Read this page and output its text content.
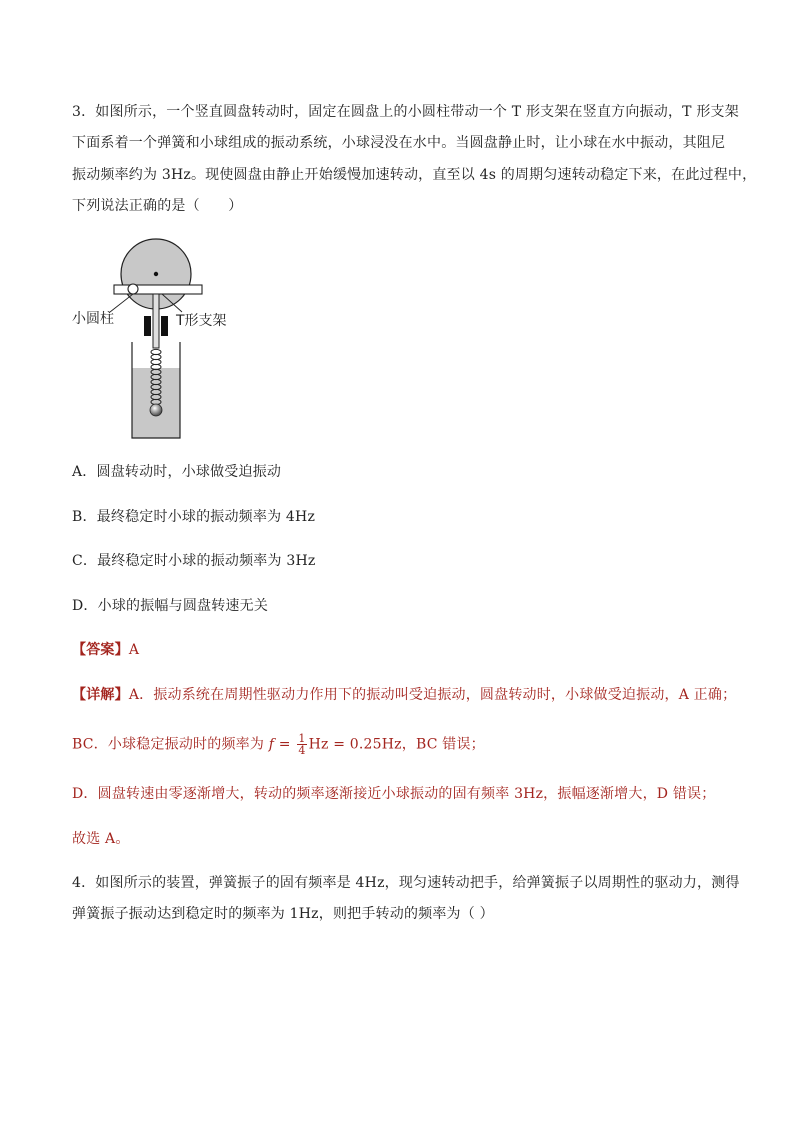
3．如图所示，一个竖直圆盘转动时，固定在圆盘上的小圆柱带动一个 T 形支架在竖直方向振动，T 形支架
下面系着一个弹簧和小球组成的振动系统，小球浸没在水中。当圆盘静止时，让小球在水中振动，其阻尼
振动频率约为 3Hz。现使圆盘由静止开始缓慢加速转动，直至以 4s 的周期匀速转动稳定下来，在此过程中，
下列说法正确的是（　　）
小圆柱	T形支架
A．圆盘转动时，小球做受迫振动
B．最终稳定时小球的振动频率为 4Hz
C．最终稳定时小球的振动频率为 3Hz
D．小球的振幅与圆盘转速无关
【答案】A
【详解】A．振动系统在周期性驱动力作用下的振动叫受迫振动，圆盘转动时，小球做受迫振动，A 正确；
BC．小球稳定振动时的频率为 $f = \frac{1}{4}$ Hz = 0.25Hz，BC 错误；
D．圆盘转速由零逐渐增大，转动的频率逐渐接近小球振动的固有频率 3Hz，振幅逐渐增大，D 错误；
故选 A。
4．如图所示的装置，弹簧振子的固有频率是 4Hz，现匀速转动把手，给弹簧振子以周期性的驱动力，测得
弹簧振子振动达到稳定时的频率为 1Hz，则把手转动的频率为（ ）
